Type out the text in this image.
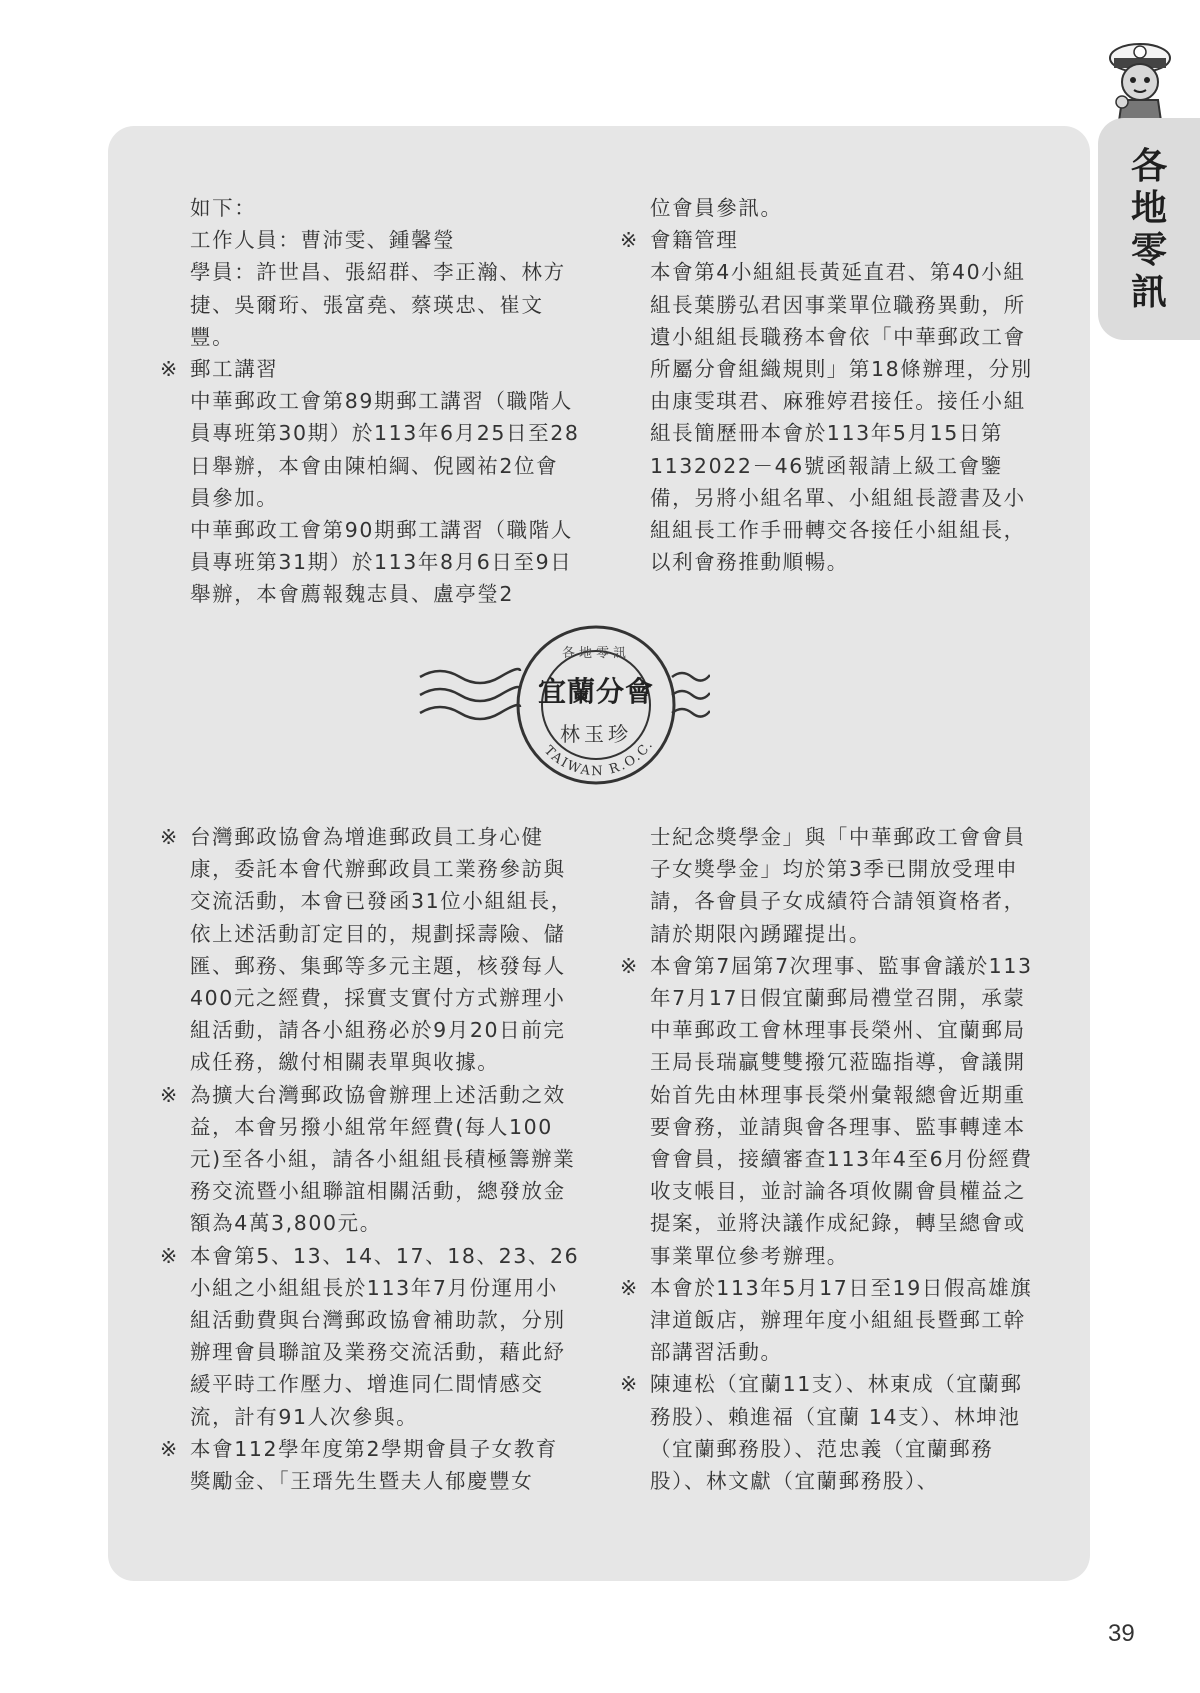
各
地
零
訊

如下：

工作人員：曹沛雯、鍾馨瑩

學員：許世昌、張紹群、李正瀚、林方捷、吳爾珩、張富堯、蔡瑛忠、崔文豐。

※ 郵工講習

中華郵政工會第89期郵工講習（職階人員專班第30期）於113年6月25日至28日舉辦，本會由陳柏綱、倪國祐2位會員參加。

中華郵政工會第90期郵工講習（職階人員專班第31期）於113年8月6日至9日舉辦，本會薦報魏志員、盧亭瑩2

位會員參訊。

※ 會籍管理

本會第4小組組長黃延直君、第40小組組長葉勝弘君因事業單位職務異動，所遺小組組長職務本會依「中華郵政工會所屬分會組織規則」第18條辦理，分別由康雯琪君、麻雅婷君接任。接任小組組長簡歷冊本會於113年5月15日第1132022－46號函報請上級工會鑒備，另將小組名單、小組組長證書及小組組長工作手冊轉交各接任小組組長，以利會務推動順暢。

※ 台灣郵政協會為增進郵政員工身心健康，委託本會代辦郵政員工業務參訪與交流活動，本會已發函31位小組組長，依上述活動訂定目的，規劃採壽險、儲匯、郵務、集郵等多元主題，核發每人400元之經費，採實支實付方式辦理小組活動，請各小組務必於9月20日前完成任務，繳付相關表單與收據。

※ 為擴大台灣郵政協會辦理上述活動之效益，本會另撥小組常年經費(每人100元)至各小組，請各小組組長積極籌辦業務交流暨小組聯誼相關活動，總發放金額為4萬3,800元。

※ 本會第5、13、14、17、18、23、26小組之小組組長於113年7月份運用小組活動費與台灣郵政協會補助款，分別辦理會員聯誼及業務交流活動，藉此紓緩平時工作壓力、增進同仁間情感交流，計有91人次參與。

※ 本會112學年度第2學期會員子女教育獎勵金、「王瑨先生暨夫人郁慶豐女

士紀念獎學金」與「中華郵政工會會員子女獎學金」均於第3季已開放受理申請，各會員子女成績符合請領資格者，請於期限內踴躍提出。

※ 本會第7屆第7次理事、監事會議於113年7月17日假宜蘭郵局禮堂召開，承蒙中華郵政工會林理事長榮州、宜蘭郵局王局長瑞贏雙雙撥冗蒞臨指導，會議開始首先由林理事長榮州彙報總會近期重要會務，並請與會各理事、監事轉達本會會員，接續審查113年4至6月份經費收支帳目，並討論各項攸關會員權益之提案，並將決議作成紀錄，轉呈總會或事業單位參考辦理。

※ 本會於113年5月17日至19日假高雄旗津道飯店，辦理年度小組組長暨郵工幹部講習活動。

※ 陳連松（宜蘭11支）、林東成（宜蘭郵務股）、賴進福（宜蘭 14支）、林坤池（宜蘭郵務股）、范忠義（宜蘭郵務股）、林文獻（宜蘭郵務股）、

TAIWAN R.O.C.
各地零訊
宜蘭分會
林玉珍
39
